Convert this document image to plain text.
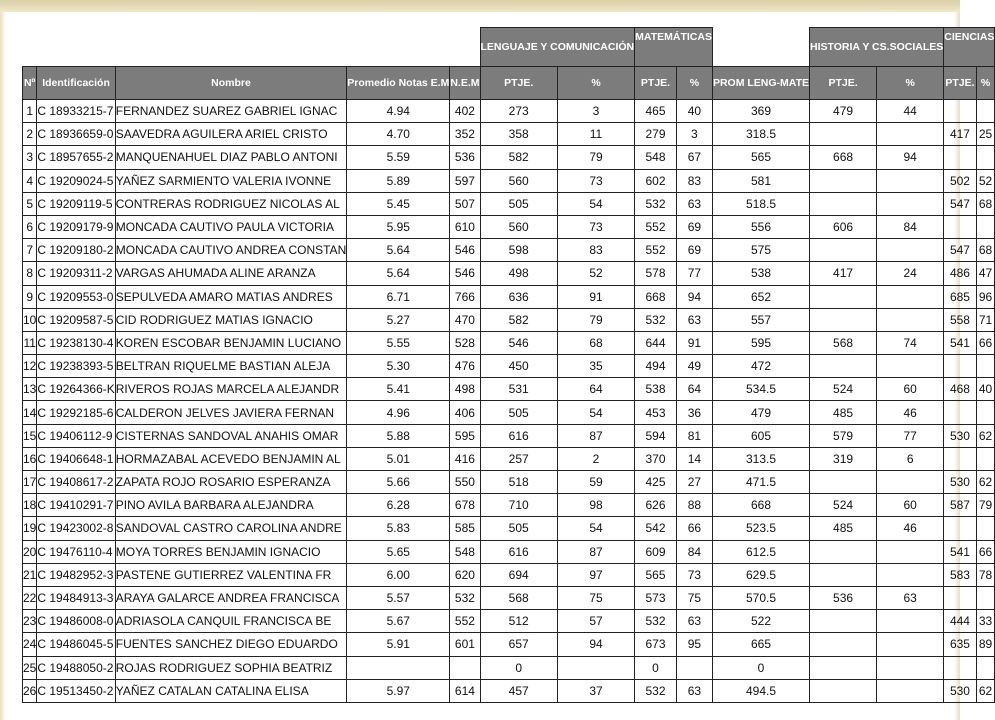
					LENGUAJE Y COMUNICACIÓN		MATEMÁTICAS			HISTORIA Y CS.SOCIALES		CIENCIAS	
Nº	Identificación	Nombre	Promedio Notas E.M	N.E.M	PTJE.	%	PTJE.	%	PROM LENG-MATE	PTJE.	%	PTJE.	%
1	C 18933215-7	FERNANDEZ SUAREZ GABRIEL IGNAC	4.94	402	273	3	465	40	369	479	44		
2	C 18936659-0	SAAVEDRA AGUILERA ARIEL CRISTO	4.70	352	358	11	279	3	318.5			417	25
3	C 18957655-2	MANQUENAHUEL DIAZ PABLO ANTONI	5.59	536	582	79	548	67	565	668	94		
4	C 19209024-5	YAÑEZ SARMIENTO VALERIA IVONNE	5.89	597	560	73	602	83	581			502	52
5	C 19209119-5	CONTRERAS RODRIGUEZ NICOLAS AL	5.45	507	505	54	532	63	518.5			547	68
6	C 19209179-9	MONCADA CAUTIVO PAULA VICTORIA	5.95	610	560	73	552	69	556	606	84		
7	C 19209180-2	MONCADA CAUTIVO ANDREA CONSTAN	5.64	546	598	83	552	69	575			547	68
8	C 19209311-2	VARGAS AHUMADA ALINE ARANZA	5.64	546	498	52	578	77	538	417	24	486	47
9	C 19209553-0	SEPULVEDA AMARO MATIAS ANDRES	6.71	766	636	91	668	94	652			685	96
10	C 19209587-5	CID RODRIGUEZ MATIAS IGNACIO	5.27	470	582	79	532	63	557			558	71
11	C 19238130-4	KOREN ESCOBAR BENJAMIN LUCIANO	5.55	528	546	68	644	91	595	568	74	541	66
12	C 19238393-5	BELTRAN RIQUELME BASTIAN ALEJA	5.30	476	450	35	494	49	472				
13	C 19264366-K	RIVEROS ROJAS MARCELA ALEJANDR	5.41	498	531	64	538	64	534.5	524	60	468	40
14	C 19292185-6	CALDERON JELVES JAVIERA FERNAN	4.96	406	505	54	453	36	479	485	46		
15	C 19406112-9	CISTERNAS SANDOVAL ANAHIS OMAR	5.88	595	616	87	594	81	605	579	77	530	62
16	C 19406648-1	HORMAZABAL ACEVEDO BENJAMIN AL	5.01	416	257	2	370	14	313.5	319	6		
17	C 19408617-2	ZAPATA ROJO ROSARIO ESPERANZA	5.66	550	518	59	425	27	471.5			530	62
18	C 19410291-7	PINO AVILA BARBARA ALEJANDRA	6.28	678	710	98	626	88	668	524	60	587	79
19	C 19423002-8	SANDOVAL CASTRO CAROLINA ANDRE	5.83	585	505	54	542	66	523.5	485	46		
20	C 19476110-4	MOYA TORRES BENJAMIN IGNACIO	5.65	548	616	87	609	84	612.5			541	66
21	C 19482952-3	PASTENE GUTIERREZ VALENTINA FR	6.00	620	694	97	565	73	629.5			583	78
22	C 19484913-3	ARAYA GALARCE ANDREA FRANCISCA	5.57	532	568	75	573	75	570.5	536	63		
23	C 19486008-0	ADRIASOLA CANQUIL FRANCISCA BE	5.67	552	512	57	532	63	522			444	33
24	C 19486045-5	FUENTES SANCHEZ DIEGO EDUARDO	5.91	601	657	94	673	95	665			635	89
25	C 19488050-2	ROJAS RODRIGUEZ SOPHIA BEATRIZ			0		0		0				
26	C 19513450-2	YAÑEZ CATALAN CATALINA ELISA	5.97	614	457	37	532	63	494.5			530	62
